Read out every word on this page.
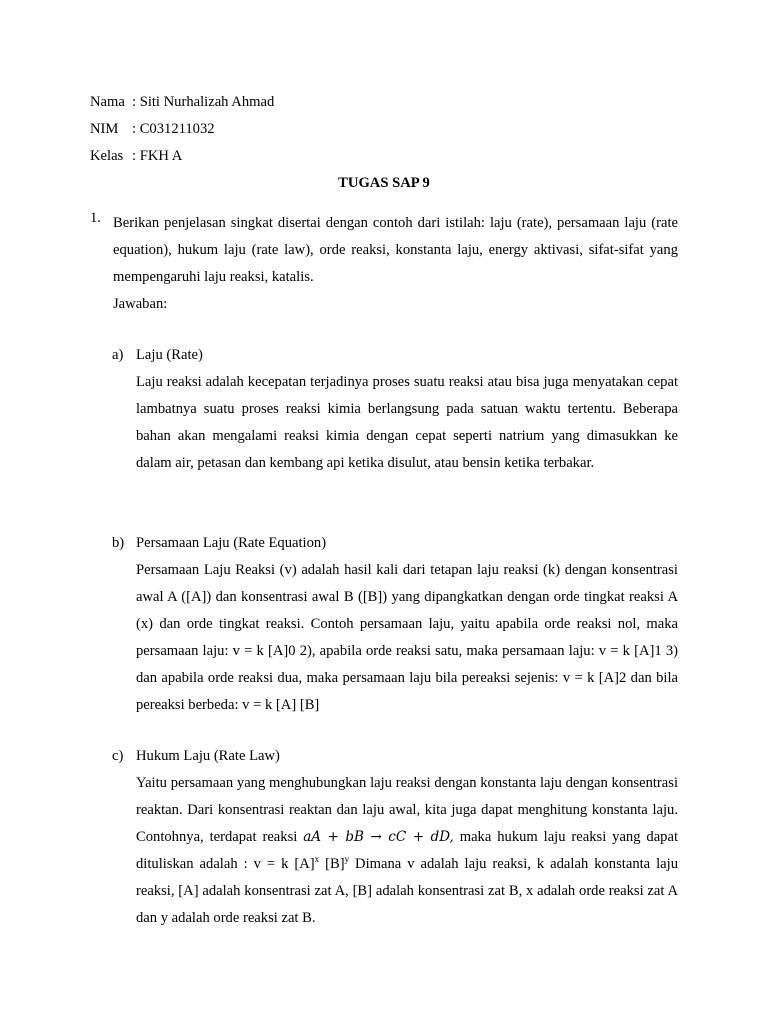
Nama : Siti Nurhalizah Ahmad
NIM : C031211032
Kelas : FKH A
TUGAS SAP 9
1. Berikan penjelasan singkat disertai dengan contoh dari istilah: laju (rate), persamaan laju (rate equation), hukum laju (rate law), orde reaksi, konstanta laju, energy aktivasi, sifat-sifat yang mempengaruhi laju reaksi, katalis.
Jawaban:
a) Laju (Rate)
Laju reaksi adalah kecepatan terjadinya proses suatu reaksi atau bisa juga menyatakan cepat lambatnya suatu proses reaksi kimia berlangsung pada satuan waktu tertentu. Beberapa bahan akan mengalami reaksi kimia dengan cepat seperti natrium yang dimasukkan ke dalam air, petasan dan kembang api ketika disulut, atau bensin ketika terbakar.
b) Persamaan Laju (Rate Equation)
Persamaan Laju Reaksi (v) adalah hasil kali dari tetapan laju reaksi (k) dengan konsentrasi awal A ([A]) dan konsentrasi awal B ([B]) yang dipangkatkan dengan orde tingkat reaksi A (x) dan orde tingkat reaksi. Contoh persamaan laju, yaitu apabila orde reaksi nol, maka persamaan laju: v = k [A]0 2), apabila orde reaksi satu, maka persamaan laju: v = k [A]1 3) dan apabila orde reaksi dua, maka persamaan laju bila pereaksi sejenis: v = k [A]2 dan bila pereaksi berbeda: v = k [A] [B]
c) Hukum Laju (Rate Law)
Yaitu persamaan yang menghubungkan laju reaksi dengan konstanta laju dengan konsentrasi reaktan. Dari konsentrasi reaktan dan laju awal, kita juga dapat menghitung konstanta laju. Contohnya, terdapat reaksi aA + bB → cC + dD, maka hukum laju reaksi yang dapat dituliskan adalah : v = k $[A]^x$ $[B]^y$ Dimana v adalah laju reaksi, k adalah konstanta laju reaksi, [A] adalah konsentrasi zat A, [B] adalah konsentrasi zat B, x adalah orde reaksi zat A dan y adalah orde reaksi zat B.
